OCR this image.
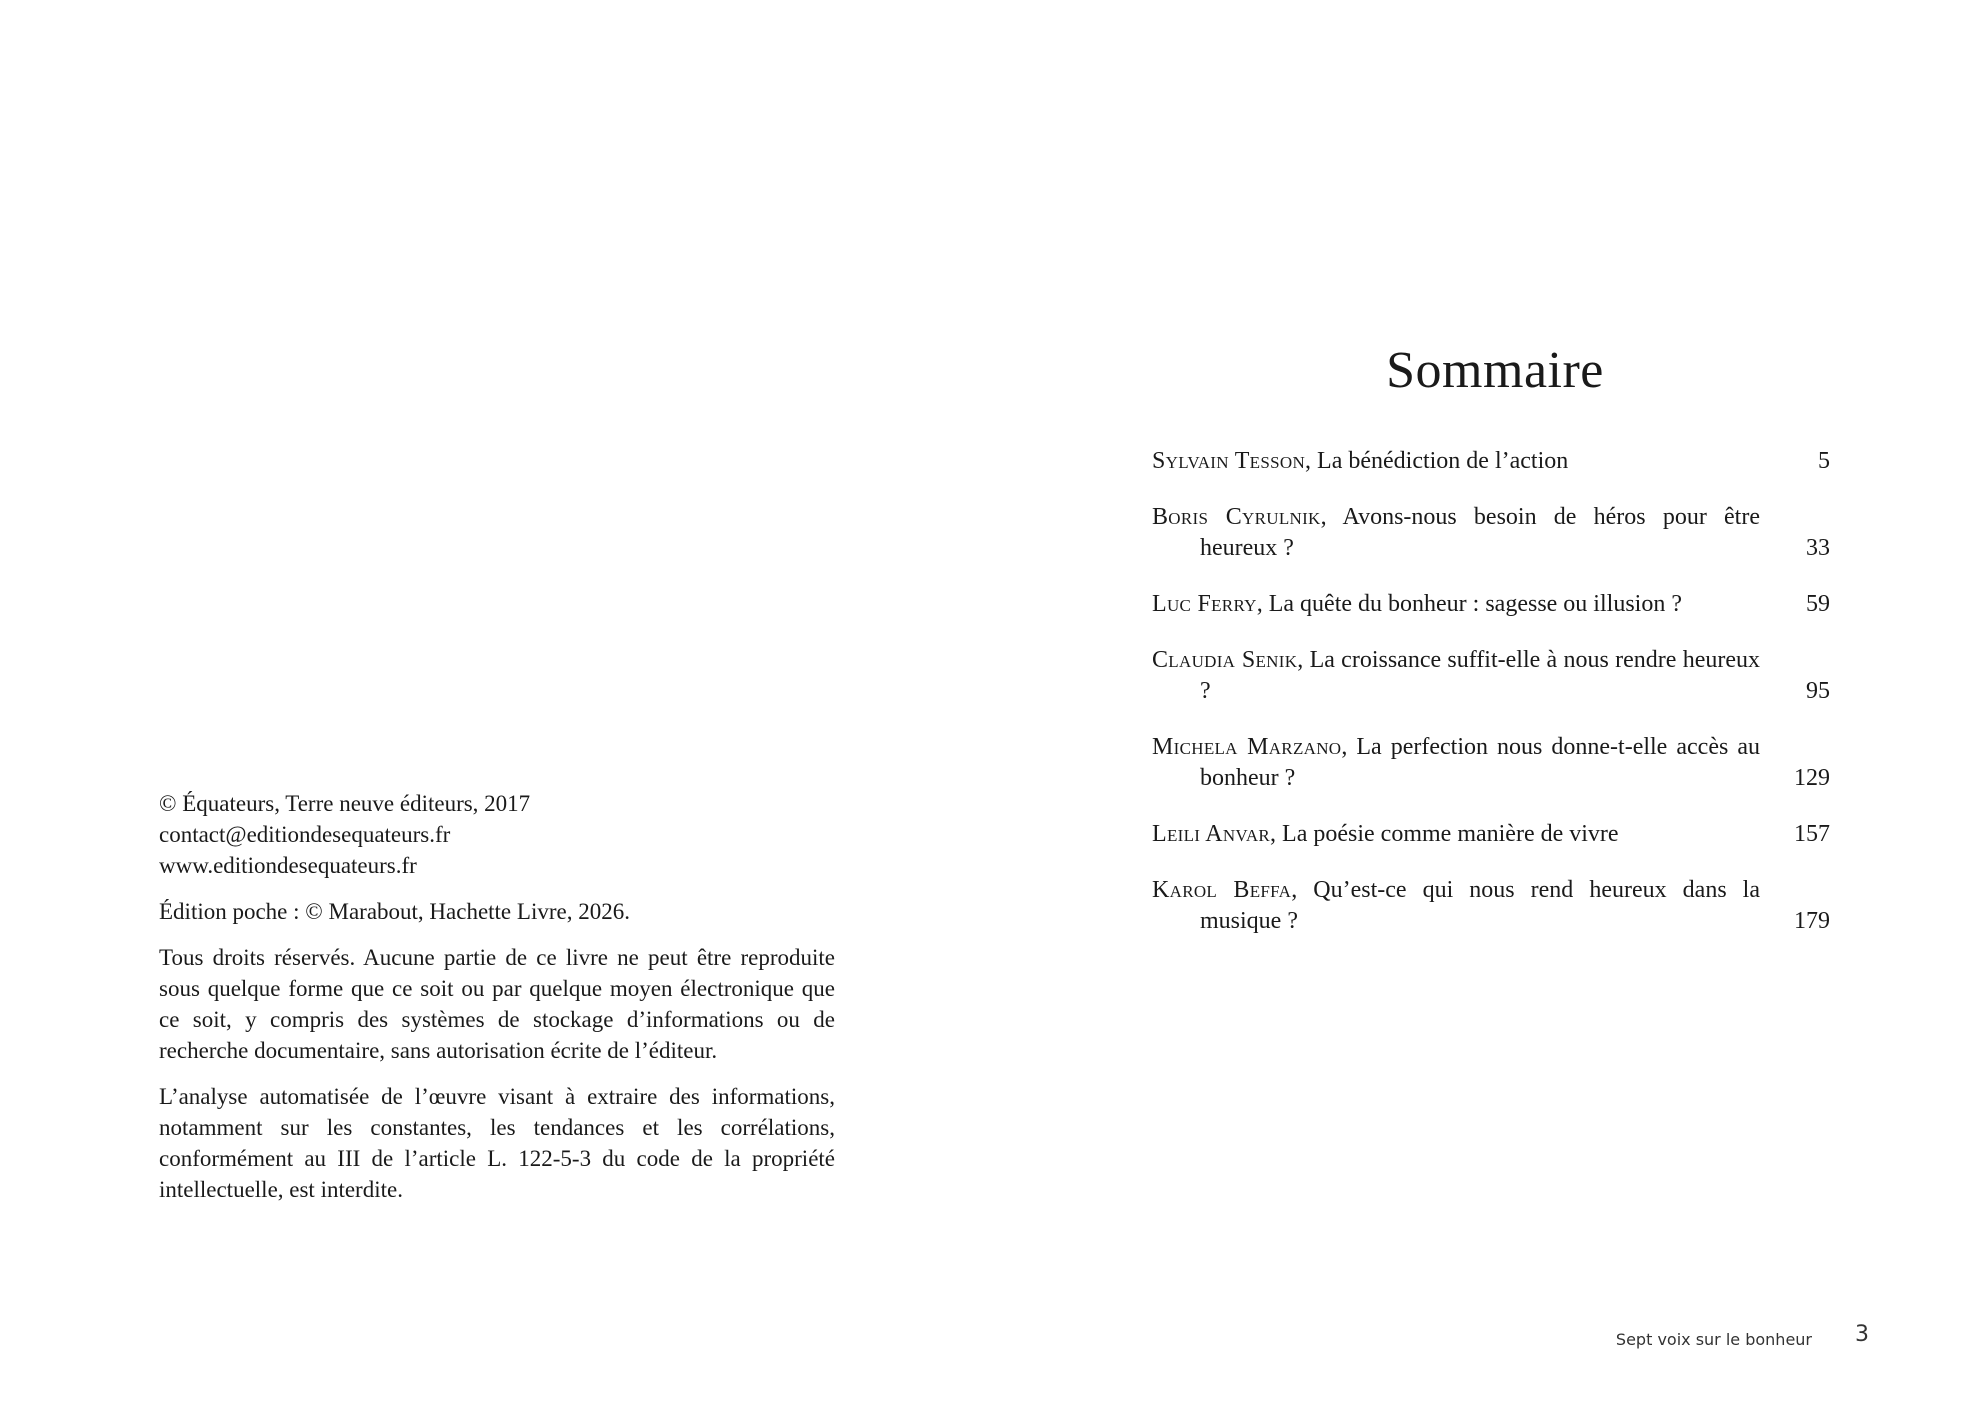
© Équateurs, Terre neuve éditeurs, 2017
contact@editiondesequateurs.fr
www.editiondesequateurs.fr

Édition poche : © Marabout, Hachette Livre, 2026.

Tous droits réservés. Aucune partie de ce livre ne peut être reproduite sous quelque forme que ce soit ou par quelque moyen électronique que ce soit, y compris des systèmes de stockage d’informations ou de recherche documentaire, sans autorisation écrite de l’éditeur.

L’analyse automatisée de l’œuvre visant à extraire des informations, notamment sur les constantes, les tendances et les corrélations, conformément au III de l’article L. 122-5-3 du code de la propriété intellectuelle, est interdite.

Sommaire
Sylvain Tesson, La bénédiction de l’action	5
Boris Cyrulnik, Avons-nous besoin de héros pour être heureux ?	33
Luc Ferry, La quête du bonheur : sagesse ou illusion ?	59
Claudia Senik, La croissance suffit-elle à nous rendre heureux ?	95
Michela Marzano, La perfection nous donne-t-elle accès au bonheur ?	129
Leili Anvar, La poésie comme manière de vivre	157
Karol Beffa, Qu’est-ce qui nous rend heureux dans la musique ?	179
Sept voix sur le bonheur 3
